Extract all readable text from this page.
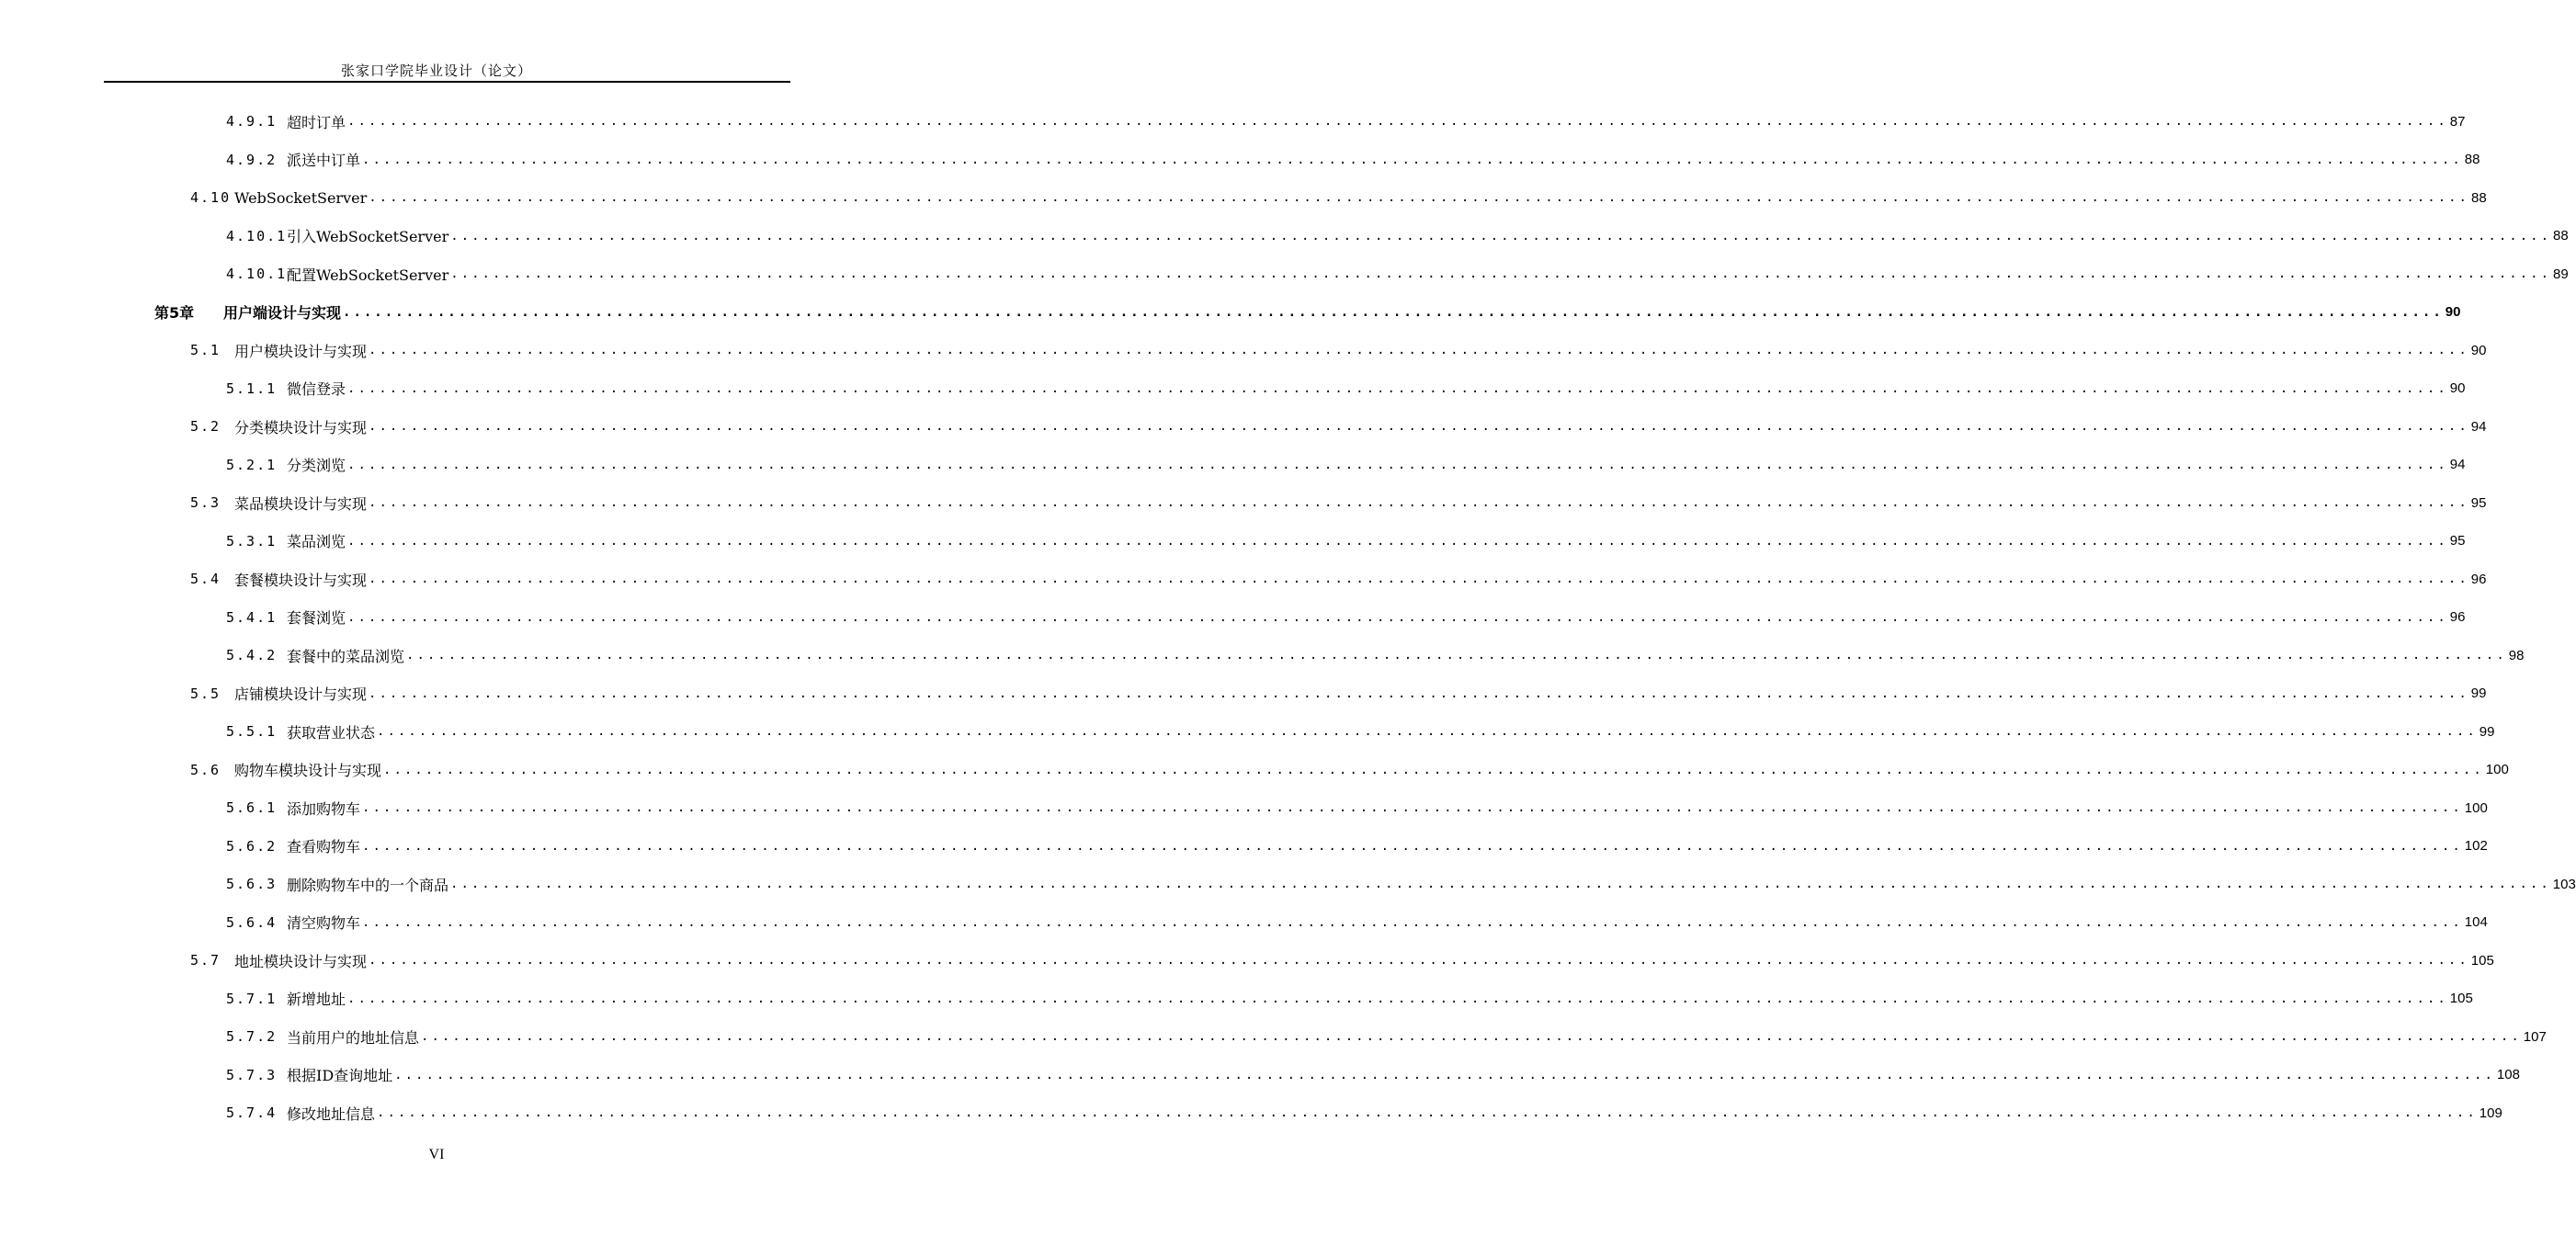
张家口学院毕业设计（论文）
4.9.1 超时订单 ........................................................................................................................................................................................................ 87
4.9.2 派送中订单 ........................................................................................................................................................................................................ 88
4.10 WebSocketServer ........................................................................................................................................................................................................ 88
4.10.1 引入WebSocketServer ........................................................................................................................................................................................................ 88
4.10.1 配置WebSocketServer ........................................................................................................................................................................................................ 89
第5章	用户端设计与实现 ........................................................................................................................................................................................................ 90
5.1 用户模块设计与实现 ........................................................................................................................................................................................................ 90
5.1.1 微信登录 ........................................................................................................................................................................................................ 90
5.2 分类模块设计与实现 ........................................................................................................................................................................................................ 94
5.2.1 分类浏览 ........................................................................................................................................................................................................ 94
5.3 菜品模块设计与实现 ........................................................................................................................................................................................................ 95
5.3.1 菜品浏览 ........................................................................................................................................................................................................ 95
5.4 套餐模块设计与实现 ........................................................................................................................................................................................................ 96
5.4.1 套餐浏览 ........................................................................................................................................................................................................ 96
5.4.2 套餐中的菜品浏览 ........................................................................................................................................................................................................ 98
5.5 店铺模块设计与实现 ........................................................................................................................................................................................................ 99
5.5.1 获取营业状态 ........................................................................................................................................................................................................ 99
5.6 购物车模块设计与实现 ........................................................................................................................................................................................................ 100
5.6.1 添加购物车 ........................................................................................................................................................................................................ 100
5.6.2 查看购物车 ........................................................................................................................................................................................................ 102
5.6.3 删除购物车中的一个商品 ........................................................................................................................................................................................................ 103
5.6.4 清空购物车 ........................................................................................................................................................................................................ 104
5.7 地址模块设计与实现 ........................................................................................................................................................................................................ 105
5.7.1 新增地址 ........................................................................................................................................................................................................ 105
5.7.2 当前用户的地址信息 ........................................................................................................................................................................................................ 107
5.7.3 根据ID查询地址 ........................................................................................................................................................................................................ 108
5.7.4 修改地址信息 ........................................................................................................................................................................................................ 109
VI
